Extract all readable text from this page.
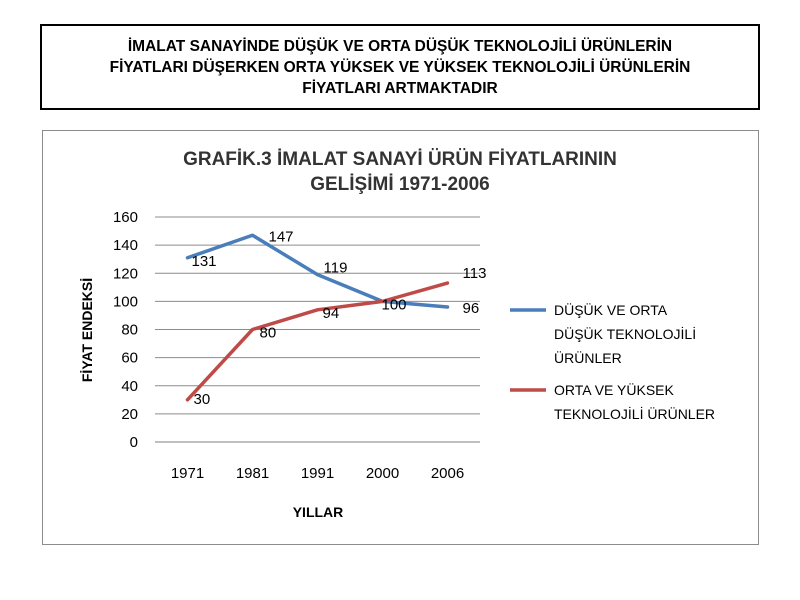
İMALAT SANAYİNDE DÜŞÜK VE ORTA DÜŞÜK TEKNOLOJİLİ ÜRÜNLERİN
FİYATLARI DÜŞERKEN ORTA YÜKSEK VE YÜKSEK TEKNOLOJİLİ ÜRÜNLERİN
FİYATLARI ARTMAKTADIR

GRAFİK.3 İMALAT SANAYİ ÜRÜN FİYATLARININ
GELİŞİMİ 1971-2006
0
20
40
60
80
100
120
140
160
1971 1981 1991 2000 2006
131
147
119
100	96
30
80
94
113
YILLAR
FİYAT ENDEKSİ	DÜŞÜK VE ORTA
DÜŞÜK TEKNOLOJİLİ
ÜRÜNLER
ORTA VE YÜKSEK
TEKNOLOJİLİ ÜRÜNLER
